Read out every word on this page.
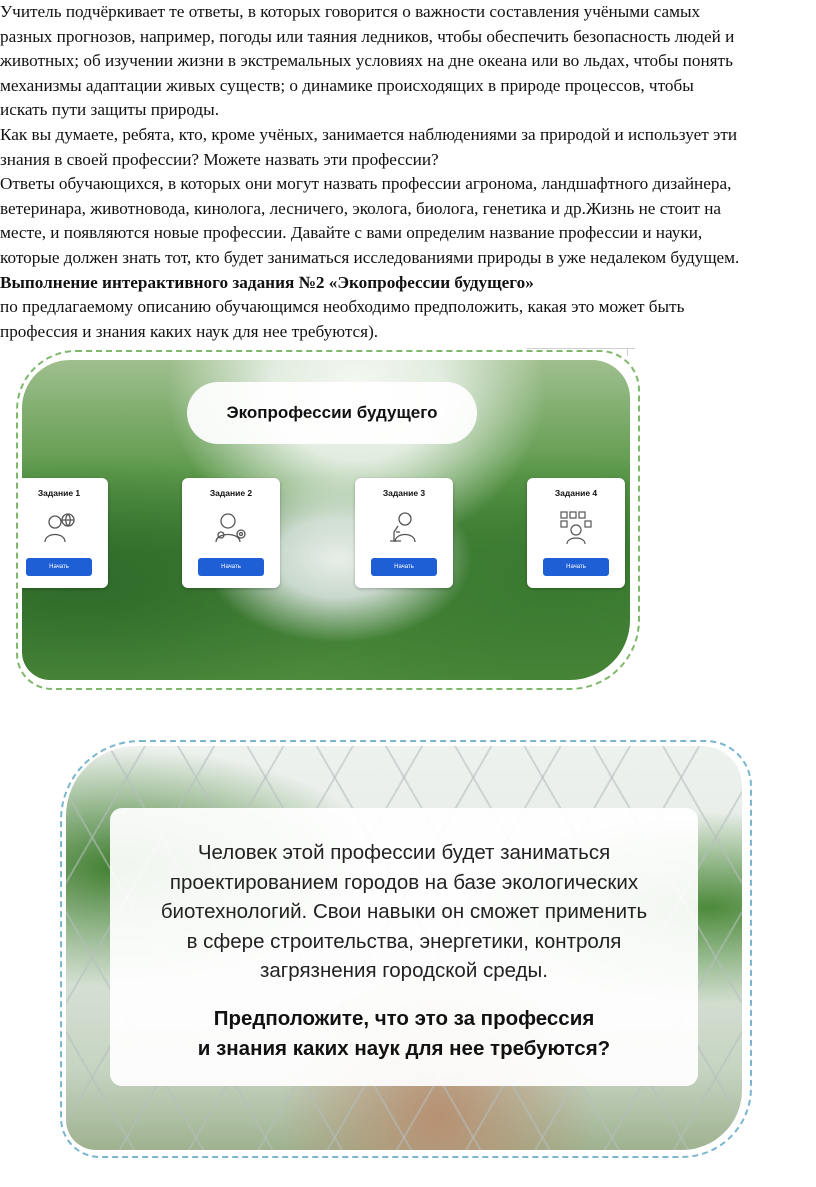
Учитель подчёркивает те ответы, в которых говорится о важности составления учёными самых

разных прогнозов, например, погоды или таяния ледников, чтобы обеспечить безопасность людей и

животных; об изучении жизни в экстремальных условиях на дне океана или во льдах, чтобы понять

механизмы адаптации живых существ; о динамике происходящих в природе процессов, чтобы

искать пути защиты природы.

Как вы думаете, ребята, кто, кроме учёных, занимается наблюдениями за природой и использует эти

знания в своей профессии? Можете назвать эти профессии?

Ответы обучающихся, в которых они могут назвать профессии агронома, ландшафтного дизайнера,

ветеринара, животновода, кинолога, лесничего, эколога, биолога, генетика и др.Жизнь не стоит на

месте, и появляются новые профессии. Давайте с вами определим название профессии и науки,

которые должен знать тот, кто будет заниматься исследованиями природы в уже недалеком будущем.

Выполнение интерактивного задания №2 «Экопрофессии будущего»

по предлагаемому описанию обучающимся необходимо предположить, какая это может быть

профессия и знания каких наук для нее требуются).

Экопрофессии будущего
Задание 1
Начать
Задание 2
Начать
Задание 3
Начать
Задание 4
Начать
Человек этой профессии будет заниматься
проектированием городов на базе экологических
биотехнологий. Свои навыки он сможет применить
в сфере строительства, энергетики, контроля
загрязнения городской среды.
Предположите, что это за профессия
и знания каких наук для нее требуются?
